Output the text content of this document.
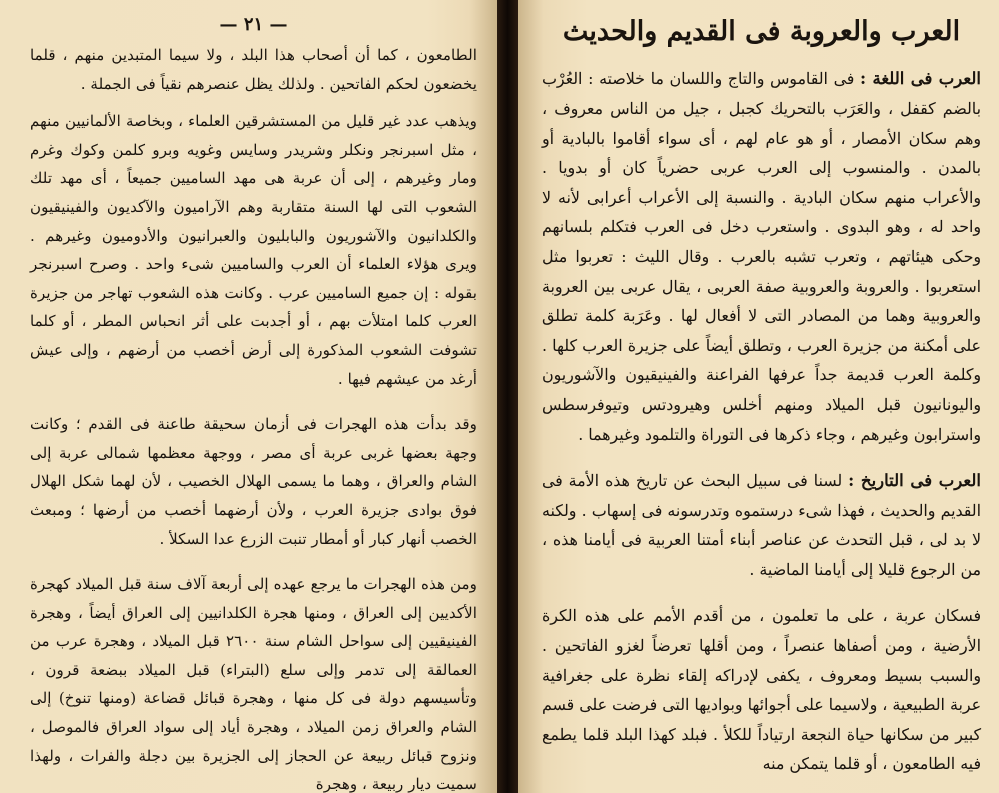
— ٢١ —

الطامعون ، كما أن أصحاب هذا البلد ، ولا سيما المتبدين منهم ، قلما يخضعون لحكم الفاتحين . ولذلك يظل عنصرهم نقياً فى الجملة .

ويذهب عدد غير قليل من المستشرقين العلماء ، وبخاصة الألمانيين منهم ، مثل اسبرنجر ونكلر وشريدر وسايس وغويه وبرو كلمن وكوك وغرم ومار وغيرهم ، إلى أن عربة هى مهد الساميين جميعاً ، أى مهد تلك الشعوب التى لها السنة متقاربة وهم الآراميون والآكديون والفينيقيون والكلدانيون والآشوريون والبابليون والعبرانيون والأدوميون وغيرهم . ويرى هؤلاء العلماء أن العرب والساميين شىء واحد . وصرح اسبرنجر بقوله : إن جميع الساميين عرب . وكانت هذه الشعوب تهاجر من جزيرة العرب كلما امتلأت بهم ، أو أجدبت على أثر انحباس المطر ، أو كلما تشوفت الشعوب المذكورة إلى أرض أخصب من أرضهم ، وإلى عيش أرغد من عيشهم فيها .

وقد بدأت هذه الهجرات فى أزمان سحيقة طاعنة فى القدم ؛ وكانت وجهة بعضها غربى عربة أى مصر ، ووجهة معظمها شمالى عربة إلى الشام والعراق ، وهما ما يسمى الهلال الخصيب ، لأن لهما شكل الهلال فوق بوادى جزيرة العرب ، ولأن أرضهما أخصب من أرضها ؛ ومبعث الخصب أنهار كبار أو أمطار تنبت الزرع عدا السكلأ .

ومن هذه الهجرات ما يرجع عهده إلى أربعة آلاف سنة قبل الميلاد كهجرة الأكديين إلى العراق ، ومنها هجرة الكلدانيين إلى العراق أيضاً ، وهجرة الفينيقيين إلى سواحل الشام سنة ٢٦٠٠ قبل الميلاد ، وهجرة عرب من العمالقة إلى تدمر وإلى سلع (البتراء) قبل الميلاد ببضعة قرون ، وتأسيسهم دولة فى كل منها ، وهجرة قبائل قضاعة (ومنها تنوخ) إلى الشام والعراق زمن الميلاد ، وهجرة أياد إلى سواد العراق فالموصل ، ونزوح قبائل ربيعة عن الحجاز إلى الجزيرة بين دجلة والفرات ، ولهذا سميت ديار ربيعة ، وهجرة

العرب والعروبة فى القديم والحديث

العرب فى اللغة : فى القاموس والتاج واللسان ما خلاصته : العُرْب بالضم كقفل ، والعَرَب بالتحريك كجبل ، جيل من الناس معروف ، وهم سكان الأمصار ، أو هو عام لهم ، أى سواء أقاموا بالبادية أو بالمدن . والمنسوب إلى العرب عربى حضرياً كان أو بدويا . والأعراب منهم سكان البادية . والنسبة إلى الأعراب أعرابى لأنه لا واحد له ، وهو البدوى . واستعرب دخل فى العرب فتكلم بلسانهم وحكى هيئاتهم ، وتعرب تشبه بالعرب . وقال الليث : تعربوا مثل استعربوا . والعروبة والعروبية صفة العربى ، يقال عربى بين العروبة والعروبية وهما من المصادر التى لا أفعال لها . وعَرَبة كلمة تطلق على أمكنة من جزيرة العرب ، وتطلق أيضاً على جزيرة العرب كلها . وكلمة العرب قديمة جداً عرفها الفراعنة والفينيقيون والآشوريون واليونانيون قبل الميلاد ومنهم أخلس وهيرودتس وتيوفرسطس واسترابون وغيرهم ، وجاء ذكرها فى التوراة والتلمود وغيرهما .

العرب فى التاريخ : لسنا فى سبيل البحث عن تاريخ هذه الأمة فى القديم والحديث ، فهذا شىء درستموه وتدرسونه فى إسهاب . ولكنه لا بد لى ، قبل التحدث عن عناصر أبناء أمتنا العربية فى أيامنا هذه ، من الرجوع قليلا إلى أيامنا الماضية .

فسكان عربة ، على ما تعلمون ، من أقدم الأمم على هذه الكرة الأرضية ، ومن أصفاها عنصراً ، ومن أقلها تعرضاً لغزو الفاتحين . والسبب بسيط ومعروف ، يكفى لإدراكه إلقاء نظرة على جغرافية عربة الطبيعية ، ولاسيما على أجوائها وبواديها التى فرضت على قسم كبير من سكانها حياة النجعة ارتياداً للكلأ . فبلد كهذا البلد قلما يطمع فيه الطامعون ، أو قلما يتمكن منه
